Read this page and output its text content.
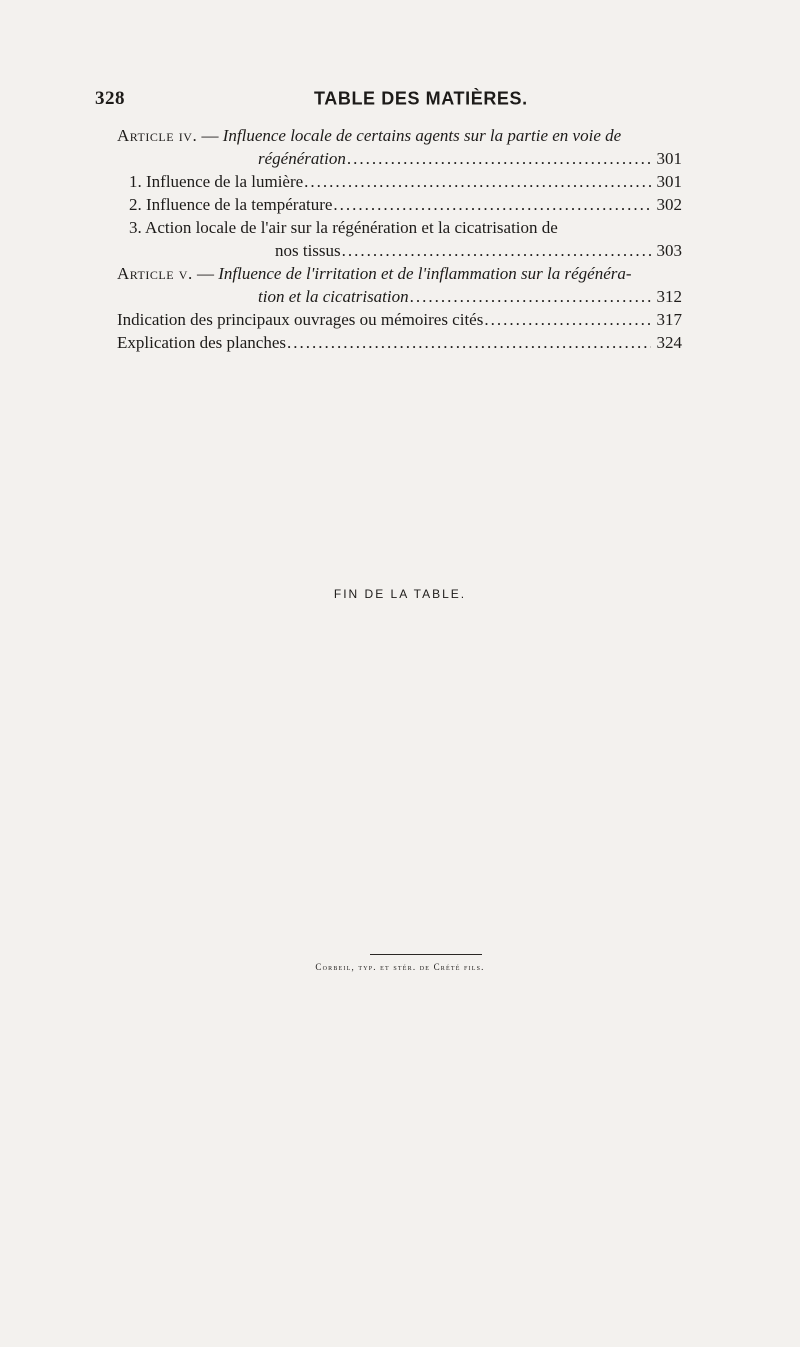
328	TABLE DES MATIÈRES.
Article iv. — Influence locale de certains agents sur la partie en voie de
régénération .....	301
1. Influence de la lumière .....	301
2. Influence de la température .....	302
3. Action locale de l'air sur la régénération et la cicatrisation de
nos tissus .....	303
Article v. — Influence de l'irritation et de l'inflammation sur la régénéra-
tion et la cicatrisation .....	312
Indication des principaux ouvrages ou mémoires cités .....	317
Explication des planches .....	324
FIN DE LA TABLE.
Corbeil, typ. et stér. de Crété fils.
